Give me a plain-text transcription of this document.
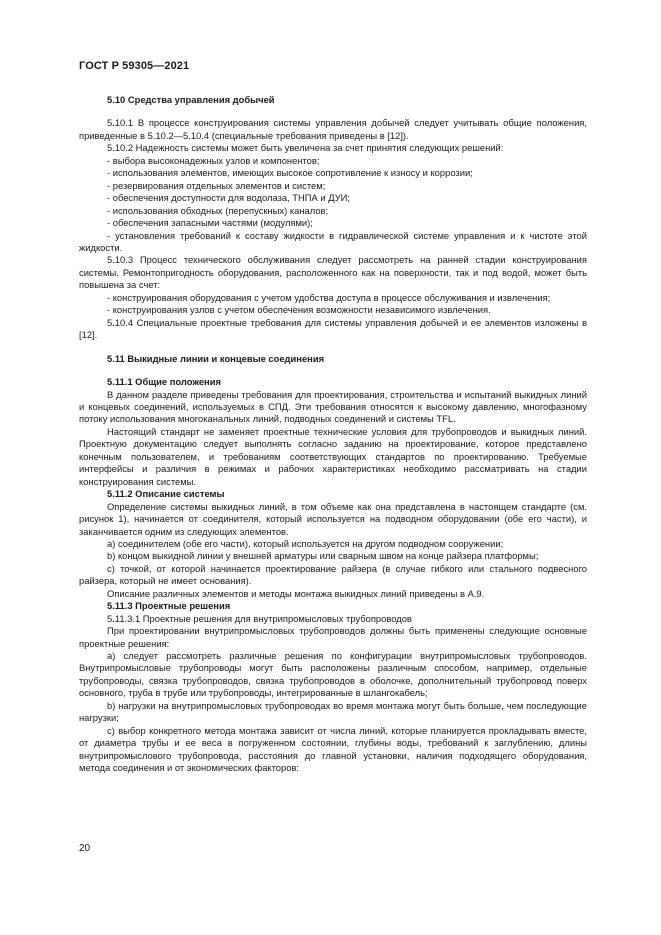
ГОСТ Р 59305—2021

5.10 Средства управления добычей

5.10.1 В процессе конструирования системы управления добычей следует учитывать общие положения, приведенные в 5.10.2—5.10.4 (специальные требования приведены в [12]).

5.10.2 Надежность системы может быть увеличена за счет принятия следующих решений:

- выбора высоконадежных узлов и компонентов;

- использования элементов, имеющих высокое сопротивление к износу и коррозии;

- резервирования отдельных элементов и систем;

- обеспечения доступности для водолаза, ТНПА и ДУИ;

- использования обходных (перепускных) каналов;

- обеспечения запасными частями (модулями);

- установления требований к составу жидкости в гидравлической системе управления и к чистоте этой жидкости.

5.10.3 Процесс технического обслуживания следует рассмотреть на ранней стадии конструирования системы. Ремонтопригодность оборудования, расположенного как на поверхности, так и под водой, может быть повышена за счет:

- конструирования оборудования с учетом удобства доступа в процессе обслуживания и извлечения;

- конструирования узлов с учетом обеспечения возможности независимого извлечения.

5.10.4 Специальные проектные требования для системы управления добычей и ее элементов изложены в [12].

5.11 Выкидные линии и концевые соединения

5.11.1 Общие положения

В данном разделе приведены требования для проектирования, строительства и испытаний выкидных линий и концевых соединений, используемых в СПД. Эти требования относятся к высокому давлению, многофазному потоку использования многоканальных линий, подводных соединений и системы TFL.

Настоящий стандарт не заменяет проектные технические условия для трубопроводов и выкидных линий. Проектную документацию следует выполнять согласно заданию на проектирование, которое представлено конечным пользователем, и требованиям соответствующих стандартов по проектированию. Требуемые интерфейсы и различия в режимах и рабочих характеристиках необходимо рассматривать на стадии конструирования системы.

5.11.2 Описание системы

Определение системы выкидных линий, в том объеме как она представлена в настоящем стандарте (см. рисунок 1), начинается от соединителя, который используется на подводном оборудовании (обе его части), и заканчивается одним из следующих элементов.

a) соединителем (обе его части), который используется на другом подводном сооружении;

b) концом выкидной линии у внешней арматуры или сварным швом на конце райзера платформы;

c) точкой, от которой начинается проектирование райзера (в случае гибкого или стального подвесного райзера, который не имеет основания).

Описание различных элементов и методы монтажа выкидных линий приведены в А.9.

5.11.3 Проектные решения

5.11.3.1 Проектные решения для внутрипромысловых трубопроводов

При проектировании внутрипромысловых трубопроводов должны быть применены следующие основные проектные решения:

a) следует рассмотреть различные решения по конфигурации внутрипромысловых трубопроводов. Внутрипромысловые трубопроводы могут быть расположены различным способом, например, отдельные трубопроводы, связка трубопроводов, связка трубопроводов в оболочке, дополнительный трубопровод поверх основного, труба в трубе или трубопроводы, интегрированные в шлангокабель;

b) нагрузки на внутрипромысловых трубопроводах во время монтажа могут быть больше, чем последующие нагрузки;

c) выбор конкретного метода монтажа зависит от числа линий, которые планируется прокладывать вместе, от диаметра трубы и ее веса в погруженном состоянии, глубины воды, требований к заглублению, длины внутрипромыслового трубопровода, расстояния до главной установки, наличия подходящего оборудования, метода соединения и от экономических факторов:

20
